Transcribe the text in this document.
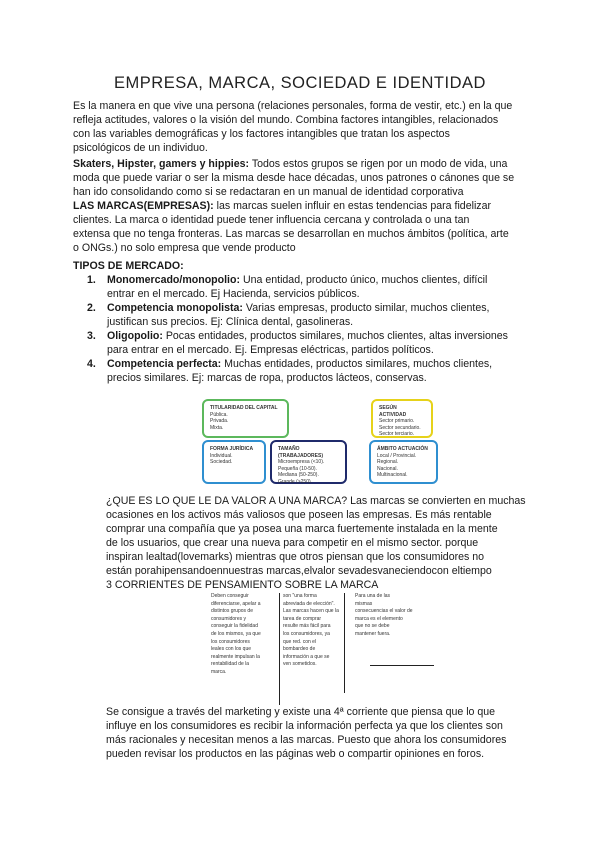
EMPRESA, MARCA, SOCIEDAD E IDENTIDAD
Es la manera en que vive una persona (relaciones personales, forma de vestir, etc.) en la que
refleja actitudes, valores o la visión del mundo. Combina factores intangibles, relacionados
con las variables demográficas y los factores intangibles que tratan los aspectos
psicológicos de un individuo.
Skaters, Hipster, gamers y hippies: Todos estos grupos se rigen por un modo de vida, una
moda que puede variar o ser la misma desde hace décadas, unos patrones o cánones que se
han ido consolidando como si se redactaran en un manual de identidad corporativa
LAS MARCAS(EMPRESAS): las marcas suelen influir en estas tendencias para fidelizar
clientes. La marca o identidad puede tener influencia cercana y controlada o una tan
extensa que no tenga fronteras. Las marcas se desarrollan en muchos ámbitos (política, arte
o ONGs.) no solo empresa que vende producto
TIPOS DE MERCADO:
1. Monomercado/monopolio: Una entidad, producto único, muchos clientes, difícil
entrar en el mercado. Ej Hacienda, servicios públicos.
2. Competencia monopolista: Varias empresas, producto similar, muchos clientes,
justifican sus precios. Ej: Clínica dental, gasolineras.
3. Oligopolio: Pocas entidades, productos similares, muchos clientes, altas inversiones
para entrar en el mercado. Ej. Empresas eléctricas, partidos políticos.
4. Competencia perfecta: Muchas entidades, productos similares, muchos clientes,
precios similares. Ej: marcas de ropa, productos lácteos, conservas.
TITULARIDAD DEL CAPITAL
Pública.
Privada.
Mixta.
SEGÚN ACTIVIDAD
Sector primario.
Sector secundario.
Sector terciario.
FORMA JURÍDICA
Individual.
Sociedad.
TAMAÑO (TRABAJADORES)
Microempresa (<10).
Pequeña (10-50).
Mediana (50-250).
Grande (>250).
ÁMBITO ACTUACIÓN
Local / Provincial.
Regional.
Nacional.
Multinacional.
¿QUE ES LO QUE LE DA VALOR A UNA MARCA? Las marcas se convierten en muchas
ocasiones en los activos más valiosos que poseen las empresas. Es más rentable
comprar una compañía que ya posea una marca fuertemente instalada en la mente
de los usuarios, que crear una nueva para competir en el mismo sector. porque
inspiran lealtad(lovemarks) mientras que otros piensan que los consumidores no
están porahipensandoennuestras marcas,elvalor sevadesvaneciendocon eltiempo
3 CORRIENTES DE PENSAMIENTO SOBRE LA MARCA
Deben conseguir
diferenciarse, apelar a
distintos grupos de
consumidores y
conseguir la fidelidad
de los mismos, ya que
los consumidores
leales con los que
realmente impulsan la
rentabilidad de la
marca.
son "una forma
abreviada de elección".
Las marcas hacen que la
tarea de comprar
resulte más fácil para
los consumidores, ya
que red. con el
bombardeo de
información a que se
ven sometidos.
Para una de las
mismas
consecuencias el valor de
marca es el elemento
que no se debe
mantener fuera.
Se consigue a través del marketing y existe una 4ª corriente que piensa que lo que
influye en los consumidores es recibir la información perfecta ya que los clientes son
más racionales y necesitan menos a las marcas. Puesto que ahora los consumidores
pueden revisar los productos en las páginas web o compartir opiniones en foros.
